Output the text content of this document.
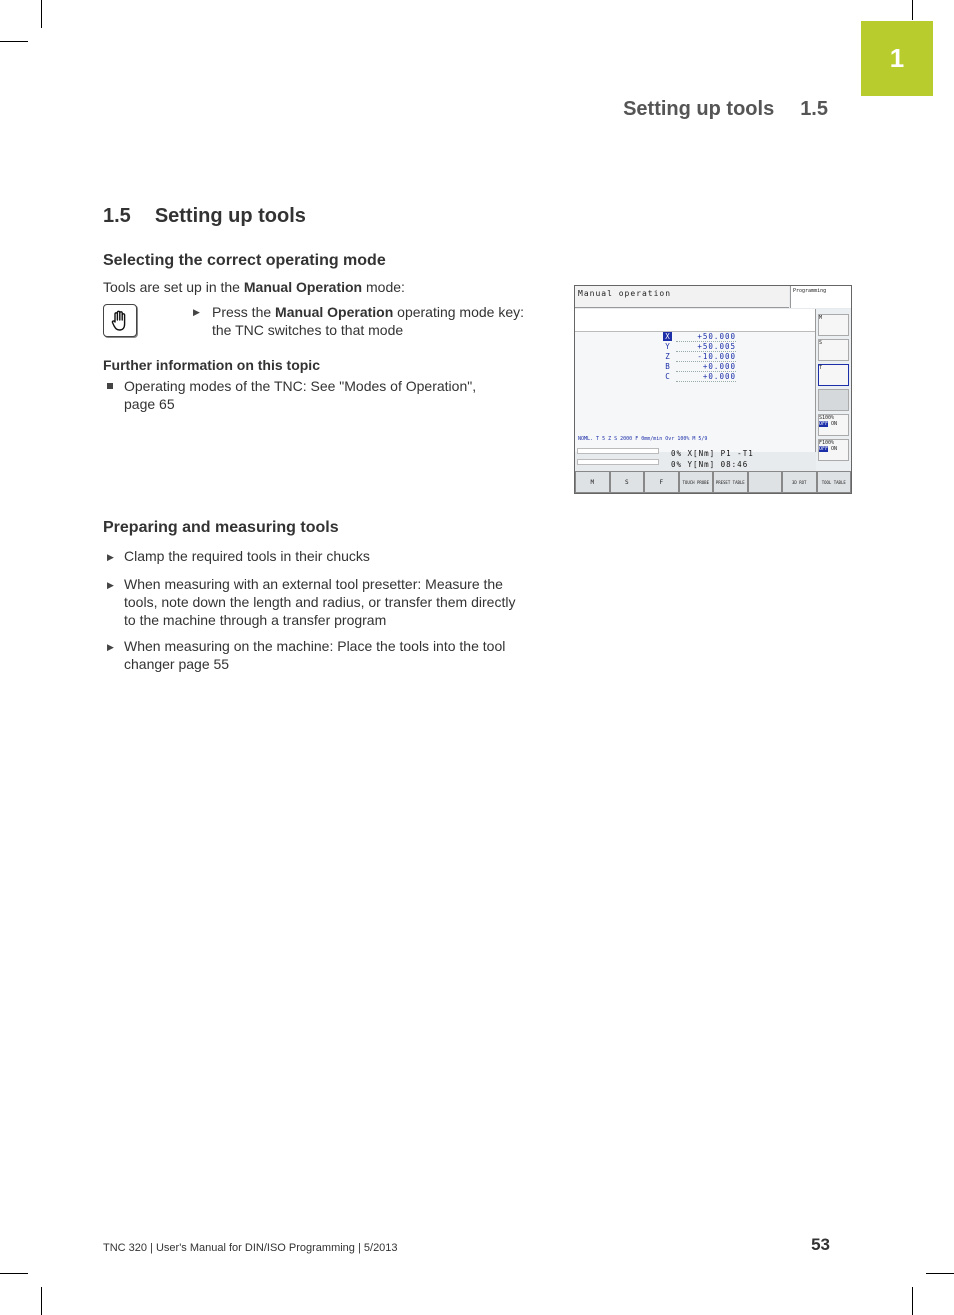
1
Setting up tools 1.5
1.5 Setting up tools
Selecting the correct operating mode
Tools are set up in the Manual Operation mode:
▶ Press the Manual Operation operating mode key:
the TNC switches to that mode
Further information on this topic
Operating modes of the TNC: See "Modes of Operation",
page 65
Manual operation	Programming
X	+50.000
Y	+50.005
Z	-10.000
B	+0.000
C	+0.000
NOML. T 5 Z S 2000 F 0mm/min Ovr 100% M 5/9
0% X[Nm] P1 -T1
0% Y[Nm] 08:46
M
S
T
S100%
OFF ON
F100%
OFF ON
M	S	F	TOUCH PROBE	PRESET TABLE	3D ROT	TOOL TABLE
Preparing and measuring tools
▶ Clamp the required tools in their chucks
▶ When measuring with an external tool presetter: Measure the
tools, note down the length and radius, or transfer them directly
to the machine through a transfer program
▶ When measuring on the machine: Place the tools into the tool
changer page 55
TNC 320 | User's Manual for DIN/ISO Programming | 5/2013	53
